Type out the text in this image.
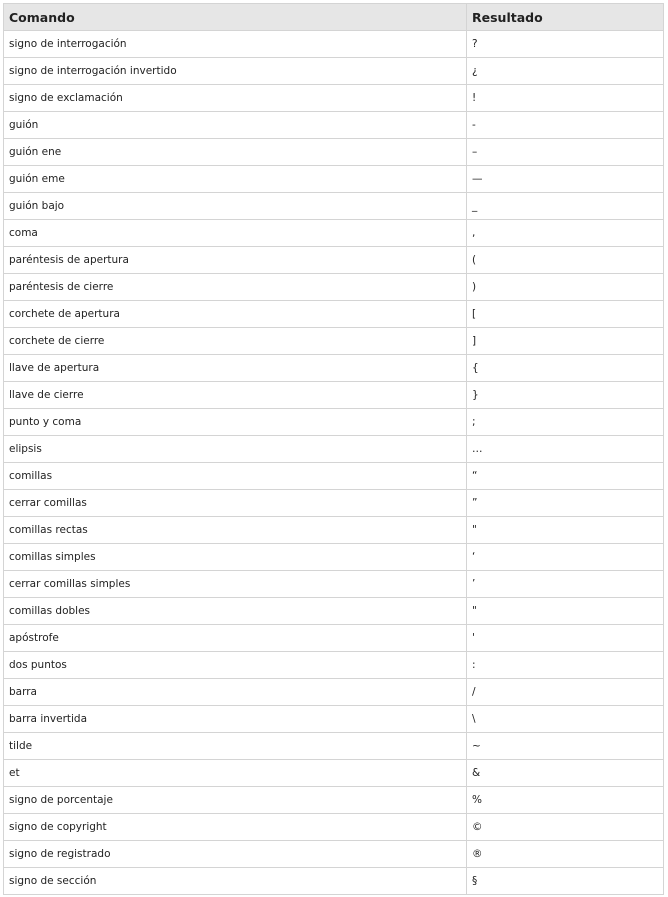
Comando	Resultado
signo de interrogación	?
signo de interrogación invertido	¿
signo de exclamación	!
guión	-
guión ene	–
guión eme	—
guión bajo	_
coma	,
paréntesis de apertura	(
paréntesis de cierre	)
corchete de apertura	[
corchete de cierre	]
llave de apertura	{
llave de cierre	}
punto y coma	;
elipsis	…
comillas	“
cerrar comillas	”
comillas rectas	"
comillas simples	‘
cerrar comillas simples	’
comillas dobles	"
apóstrofe	'
dos puntos	:
barra	/
barra invertida	\
tilde	~
et	&
signo de porcentaje	%
signo de copyright	©
signo de registrado	®
signo de sección	§
